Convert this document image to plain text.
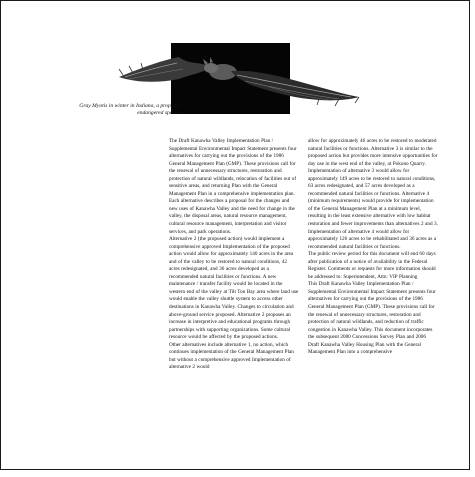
Gray Myotis in winter in Indiana, a proposed endangered species

The Draft Kanawha Valley Implementation Plan / Supplemental Environmental Impact Statement presents four alternatives for carrying out the provisions of the 1986 General Management Plan (GMP). These provisions call for the renewal of unnecessary structures, restoration and protection of natural wildlands, relocation of facilities out of sensitive areas, and returning Plan with the General Management Plan in a comprehensive implementation plan. Each alternative describes a proposal for the changes and new uses of Kanawha Valley and the need for change in the valley, the disposal areas, natural resource management, cultural resource management, interpretation and visitor services, and park operations.

Alternative 2 (the proposed action) would implement a comprehensive approved Implementation of the proposed action would allow for approximately 140 acres in the area and of the valley to be restored to natural conditions, 42 acres redesignated, and 36 acres developed as a recommended natural facilities or functions. A new maintenance / transfer facility would be located in the western end of the valley at Tilt Ton Bay area where land use would enable the valley shuttle system to access other destinations in Kanawha Valley. Changes to circulation and above-ground service proposed. Alternative 2 proposes an increase in interpretive and educational programs through partnerships with supporting organizations. Some cultural resource would be affected by the proposed actions.

Other alternatives include alternative 1, no action, which continues implementation of the General Management Plan but without a comprehensive approved Implementation of alternative 2 would

allow for approximately 46 acres to be restored to moderated natural facilities or functions. Alternative 3 is similar to the proposed action but provides more intensive opportunities for day use in the west end of the valley, at Pokono Quarry. Implementation of alternative 3 would allow for approximately 149 acres to be restored to natural conditions, 63 acres redesignated, and 57 acres developed as a recommended natural facilities or functions. Alternative 4 (minimum requirements) would provide for implementation of the General Management Plan at a minimum level, resulting in the least extensive alternative with low habitat restoration and fewer improvements than alternatives 2 and 3. Implementation of alternative 4 would allow for approximately 126 acres to be rehabilitated and 36 acres as a recommended natural facilities or functions.

The public review period for this document will end 60 days after publication of a notice of availability in the Federal Register. Comments or requests for more information should be addressed to: Superintendent, Attn: VIP Planning

This Draft Kanawha Valley Implementation Plan / Supplemental Environmental Impact Statement presents four alternatives for carrying out the provisions of the 1986 General Management Plan (GMP). These provisions call for the renewal of unnecessary structures, restoration and protection of natural wildlands, and reduction of traffic congestion in Kanawha Valley. This document incorporates the subsequent 2000 Concessions Survey Plan and 2006 Draft Kanawha Valley Housing Plan with the General Management Plan into a comprehensive
